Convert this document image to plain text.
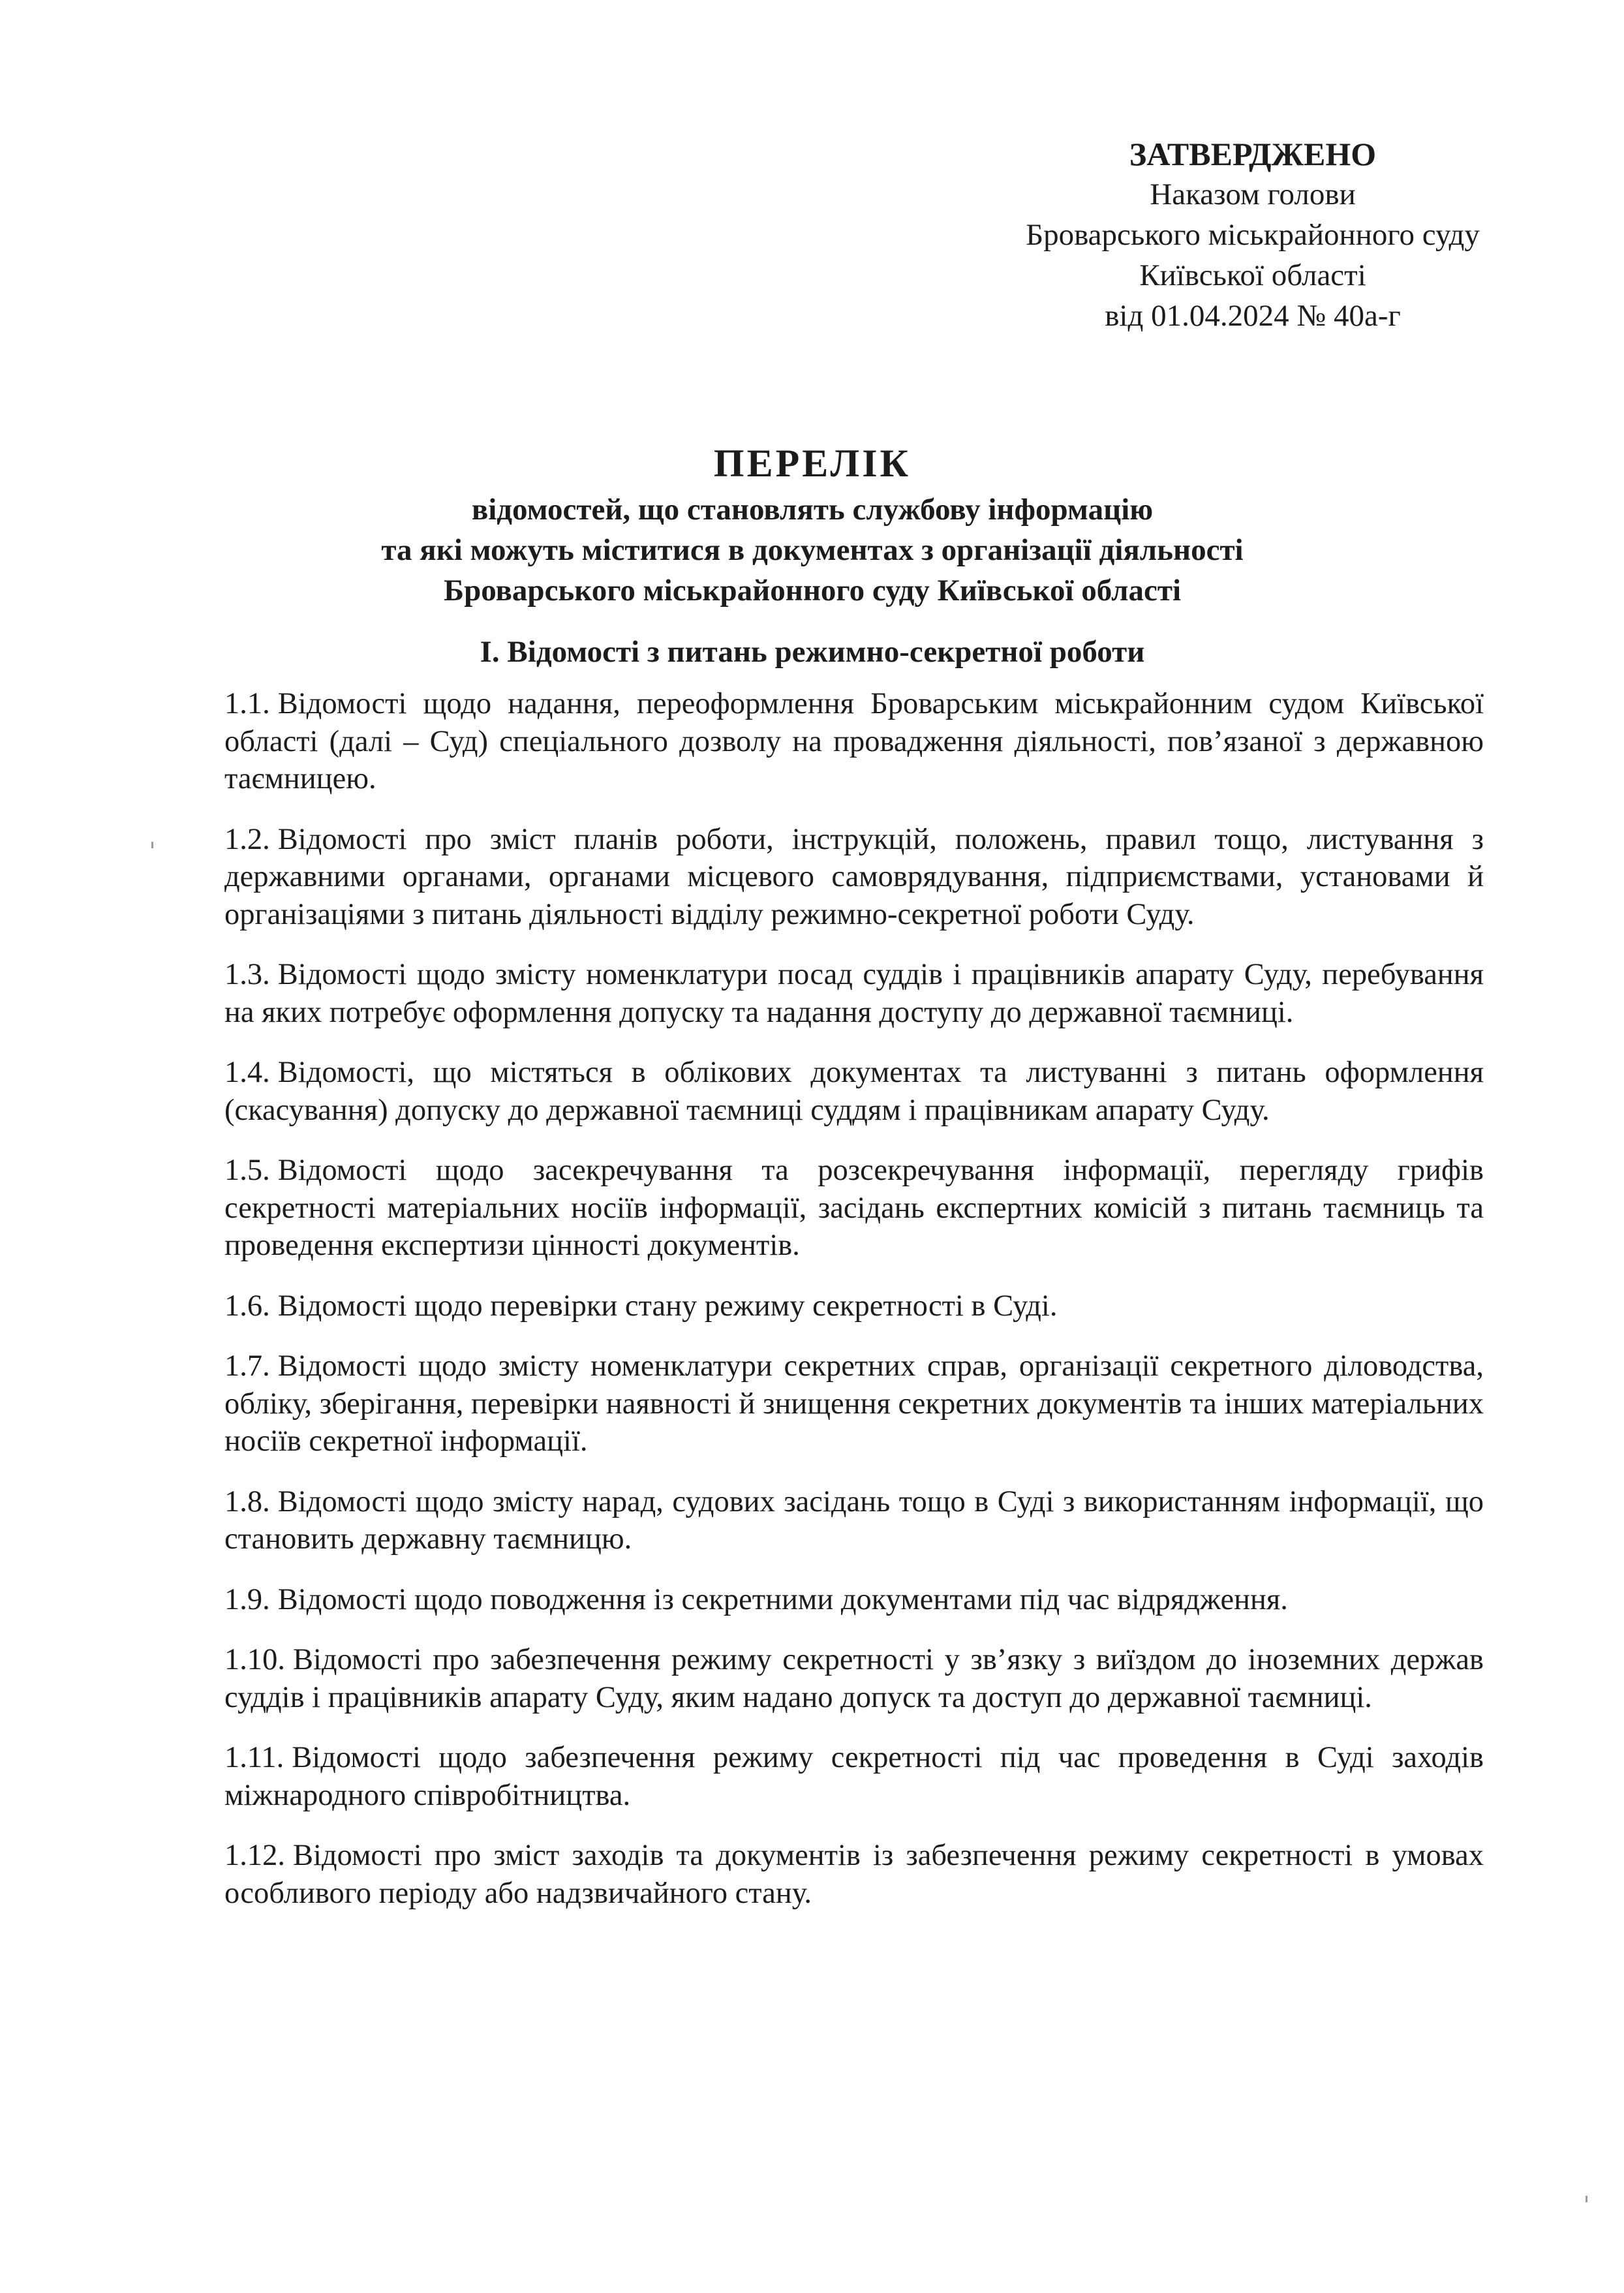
ЗАТВЕРДЖЕНО
Наказом голови
Броварського міськрайонного суду
Київської області
від 01.04.2024 № 40а-г
ПЕРЕЛІК
відомостей, що становлять службову інформацію
та які можуть міститися в документах з організації діяльності
Броварського міськрайонного суду Київської області
І. Відомості з питань режимно-секретної роботи

1.1. Відомості щодо надання, переоформлення Броварським міськрайонним судом Київської області (далі – Суд) спеціального дозволу на провадження діяльності, пов’язаної з державною таємницею.

1.2. Відомості про зміст планів роботи, інструкцій, положень, правил тощо, листування з державними органами, органами місцевого самоврядування, підприємствами, установами й організаціями з питань діяльності відділу режимно-секретної роботи Суду.

1.3. Відомості щодо змісту номенклатури посад суддів і працівників апарату Суду, перебування на яких потребує оформлення допуску та надання доступу до державної таємниці.

1.4. Відомості, що містяться в облікових документах та листуванні з питань оформлення (скасування) допуску до державної таємниці суддям і працівникам апарату Суду.

1.5. Відомості щодо засекречування та розсекречування інформації, перегляду грифів секретності матеріальних носіїв інформації, засідань експертних комісій з питань таємниць та проведення експертизи цінності документів.

1.6. Відомості щодо перевірки стану режиму секретності в Суді.

1.7. Відомості щодо змісту номенклатури секретних справ, організації секретного діловодства, обліку, зберігання, перевірки наявності й знищення секретних документів та інших матеріальних носіїв секретної інформації.

1.8. Відомості щодо змісту нарад, судових засідань тощо в Суді з використанням інформації, що становить державну таємницю.

1.9. Відомості щодо поводження із секретними документами під час відрядження.

1.10. Відомості про забезпечення режиму секретності у зв’язку з виїздом до іноземних держав суддів і працівників апарату Суду, яким надано допуск та доступ до державної таємниці.

1.11. Відомості щодо забезпечення режиму секретності під час проведення в Суді заходів міжнародного співробітництва.

1.12. Відомості про зміст заходів та документів із забезпечення режиму секретності в умовах особливого періоду або надзвичайного стану.
